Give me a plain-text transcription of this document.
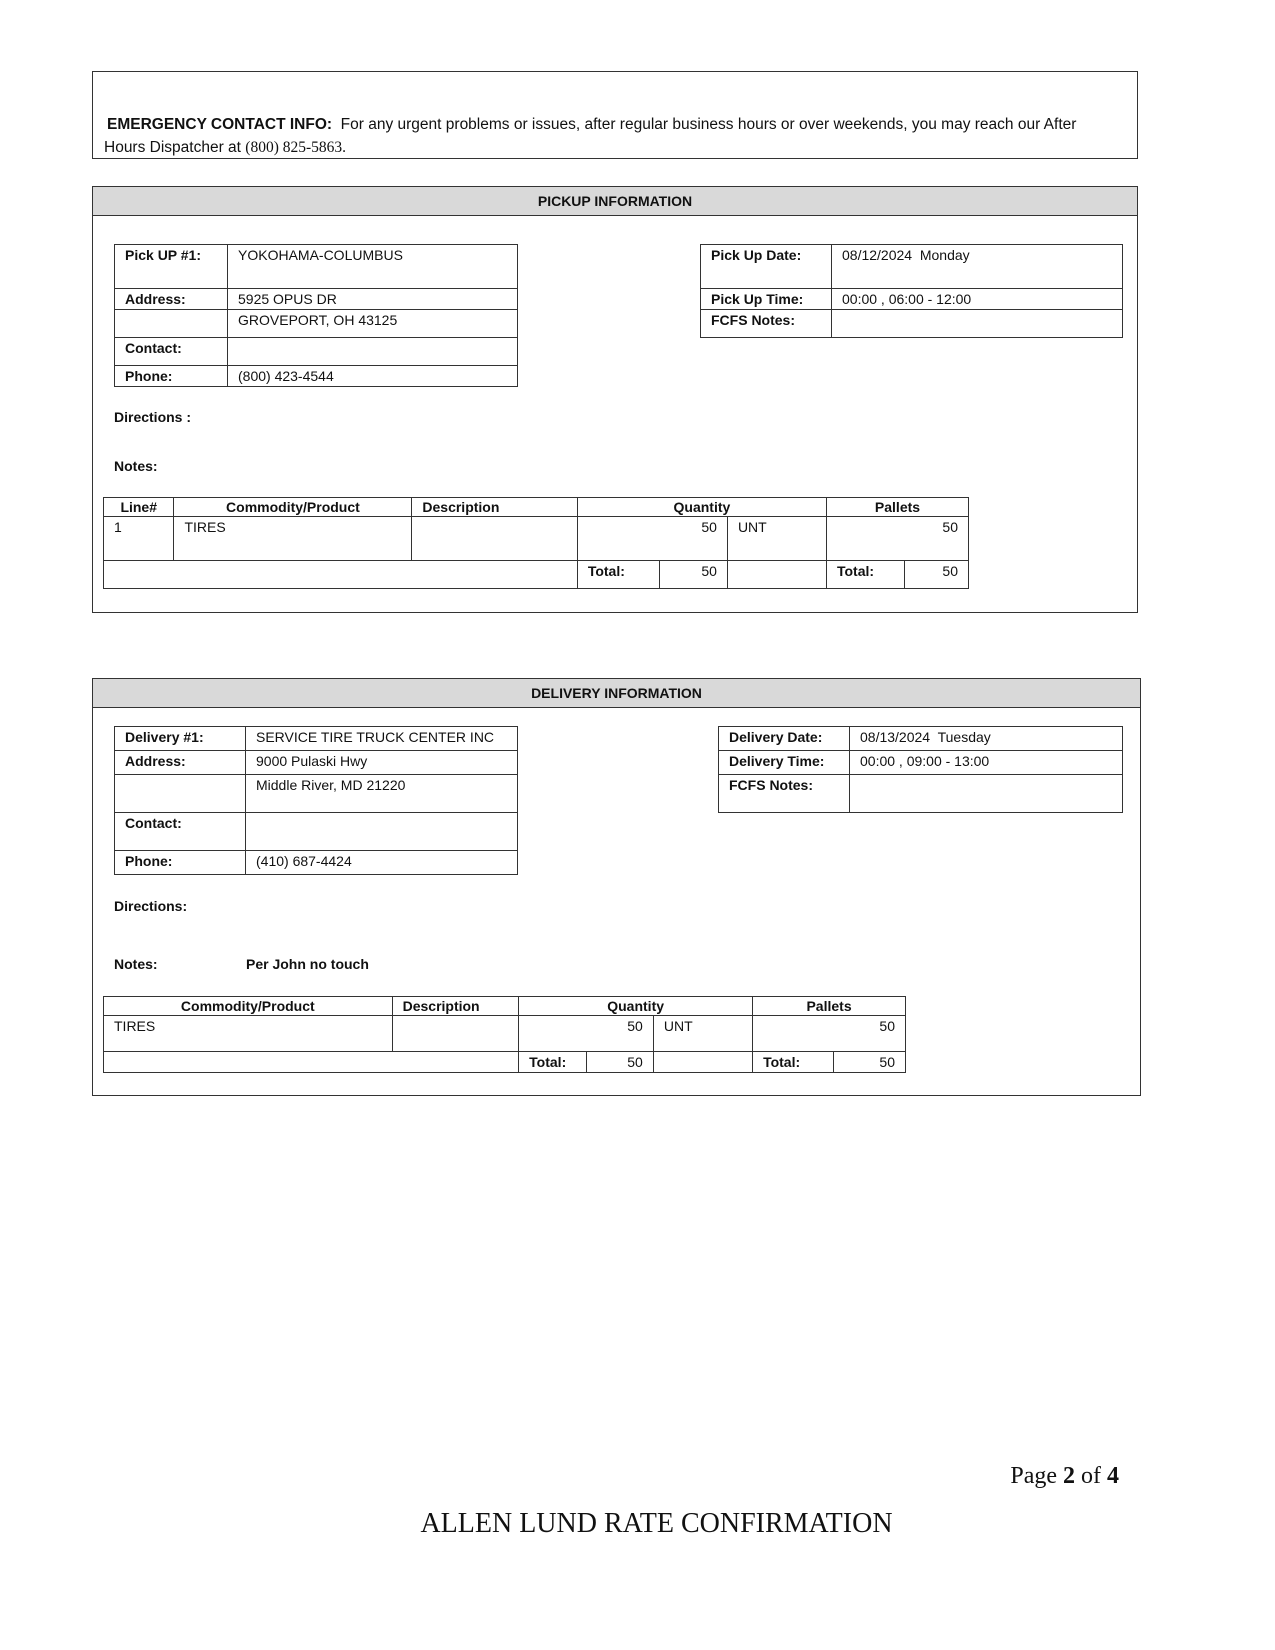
EMERGENCY CONTACT INFO: For any urgent problems or issues, after regular business hours or over weekends, you may reach our After
Hours Dispatcher at (800) 825-5863.
PICKUP INFORMATION
Pick UP #1:	YOKOHAMA-COLUMBUS
Address:	5925 OPUS DR
	GROVEPORT, OH 43125
Contact:	
Phone:	(800) 423-4544
Pick Up Date:	08/12/2024  Monday
Pick Up Time:	00:00 , 06:00 - 12:00
FCFS Notes:	
Directions :
Notes:
Line#	Commodity/Product	Description	Quantity			Pallets	
1	TIRES		50		UNT	50	
			Total:	50		Total:	50
DELIVERY INFORMATION
Delivery #1:	SERVICE TIRE TRUCK CENTER INC
Address:	9000 Pulaski Hwy
	Middle River, MD 21220
Contact:	
Phone:	(410) 687-4424
Delivery Date:	08/13/2024  Tuesday
Delivery Time:	00:00 , 09:00 - 13:00
FCFS Notes:	
Directions:
Notes:	Per John no touch
Commodity/Product	Description	Quantity			Pallets	
TIRES		50		UNT	50	
		Total:	50		Total:	50
Page 2 of 4
ALLEN LUND RATE CONFIRMATION
